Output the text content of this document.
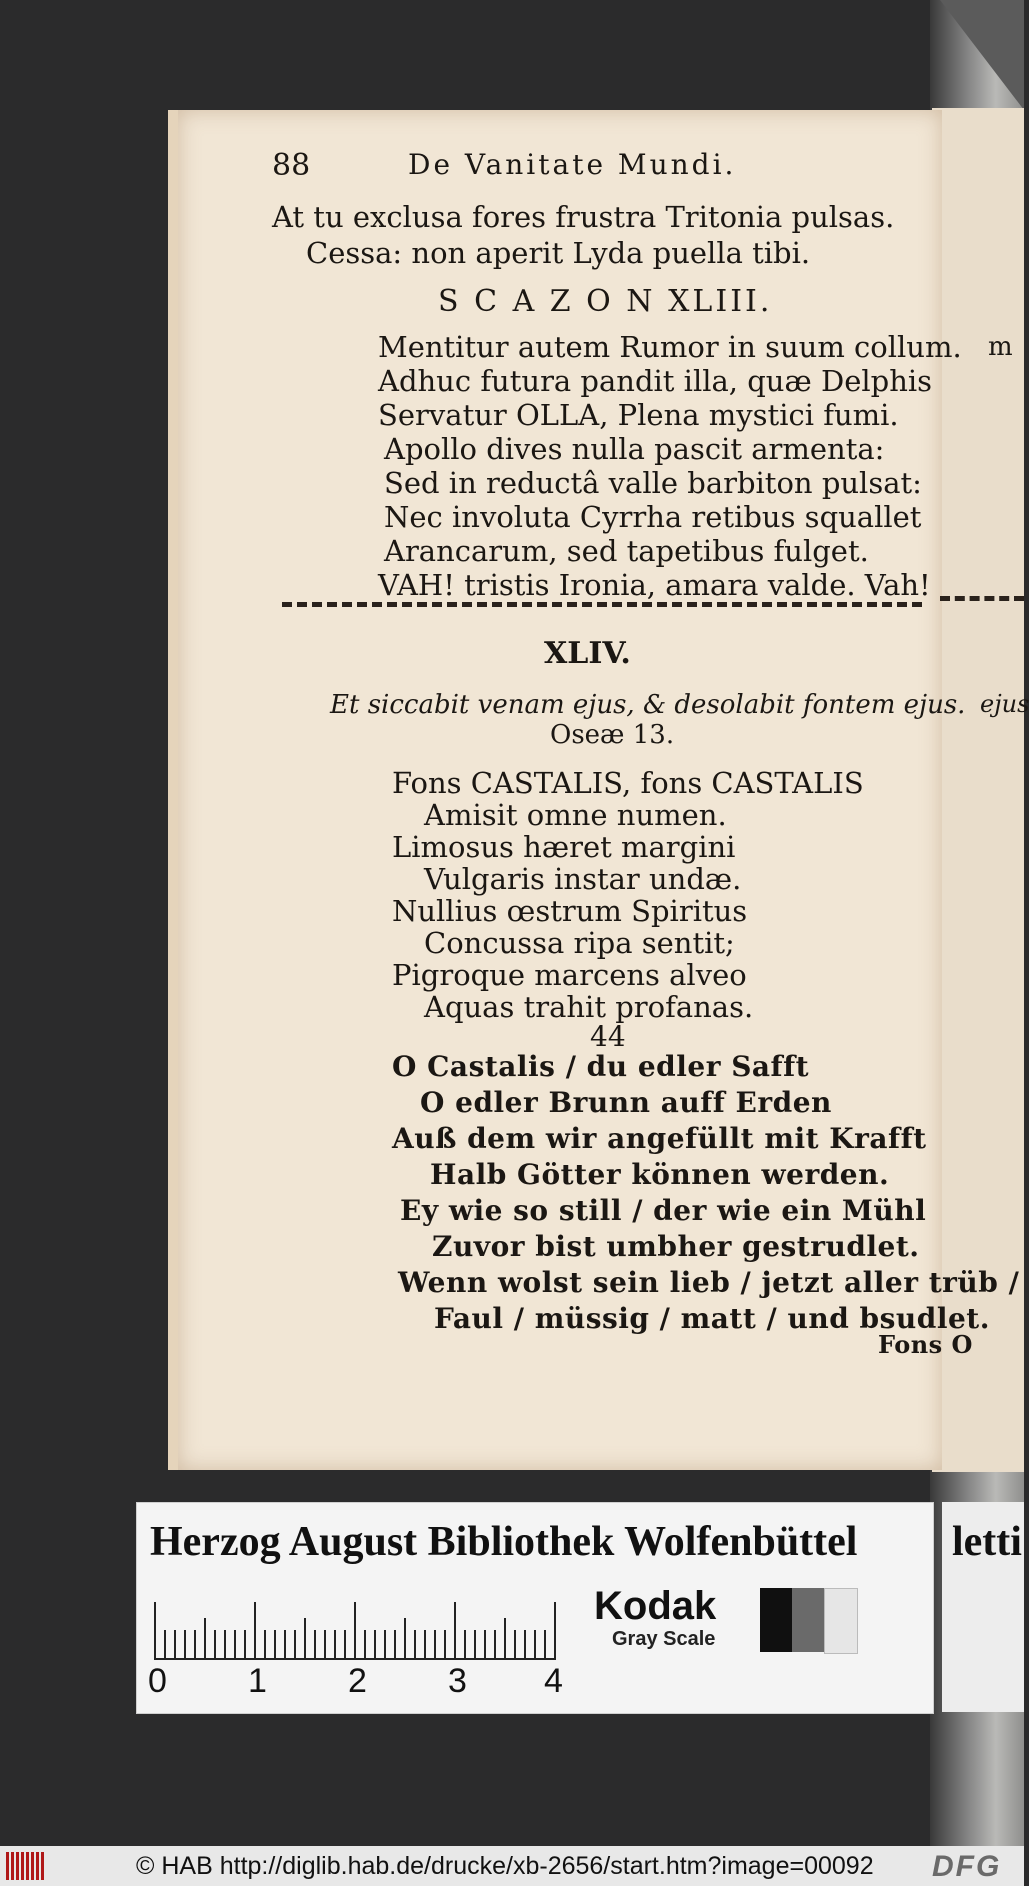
88	De Vanitate Mundi.
At tu exclusa fores frustra Tritonia pulsas.
Cessa: non aperit Lyda puella tibi.
S C A Z O N XLIII.
Mentitur autem Rumor in suum collum.
Adhuc futura pandit illa, quæ Delphis
Servatur OLLA, Plena mystici fumi.
Apollo dives nulla pascit armenta:
Sed in reductâ valle barbiton pulsat:
Nec involuta Cyrrha retibus squallet
Arancarum, sed tapetibus fulget.
VAH! tristis Ironia, amara valde. Vah!
m
XLIV.
Et siccabit venam ejus, & desolabit fontem ejus.
Oseæ 13.
ejus
Fons CASTALIS, fons CASTALIS
Amisit omne numen.
Limosus hæret margini
Vulgaris instar undæ.
Nullius œstrum Spiritus
Concussa ripa sentit;
Pigroque marcens alveo
Aquas trahit profanas.
44
O Castalis / du edler Safft
O edler Brunn auff Erden
Auß dem wir angefüllt mit Krafft
Halb Götter können werden.
Ey wie so still / der wie ein Mühl
Zuvor bist umbher gestrudlet.
Wenn wolst sein lieb / jetzt aller trüb /
Faul / müssig / matt / und bsudlet.
Fons O
Herzog August Bibliothek Wolfenbüttel letti
0 1 2 3 4
Kodak
Gray Scale
© HAB http://diglib.hab.de/drucke/xb-2656/start.htm?image=00092 DFG
